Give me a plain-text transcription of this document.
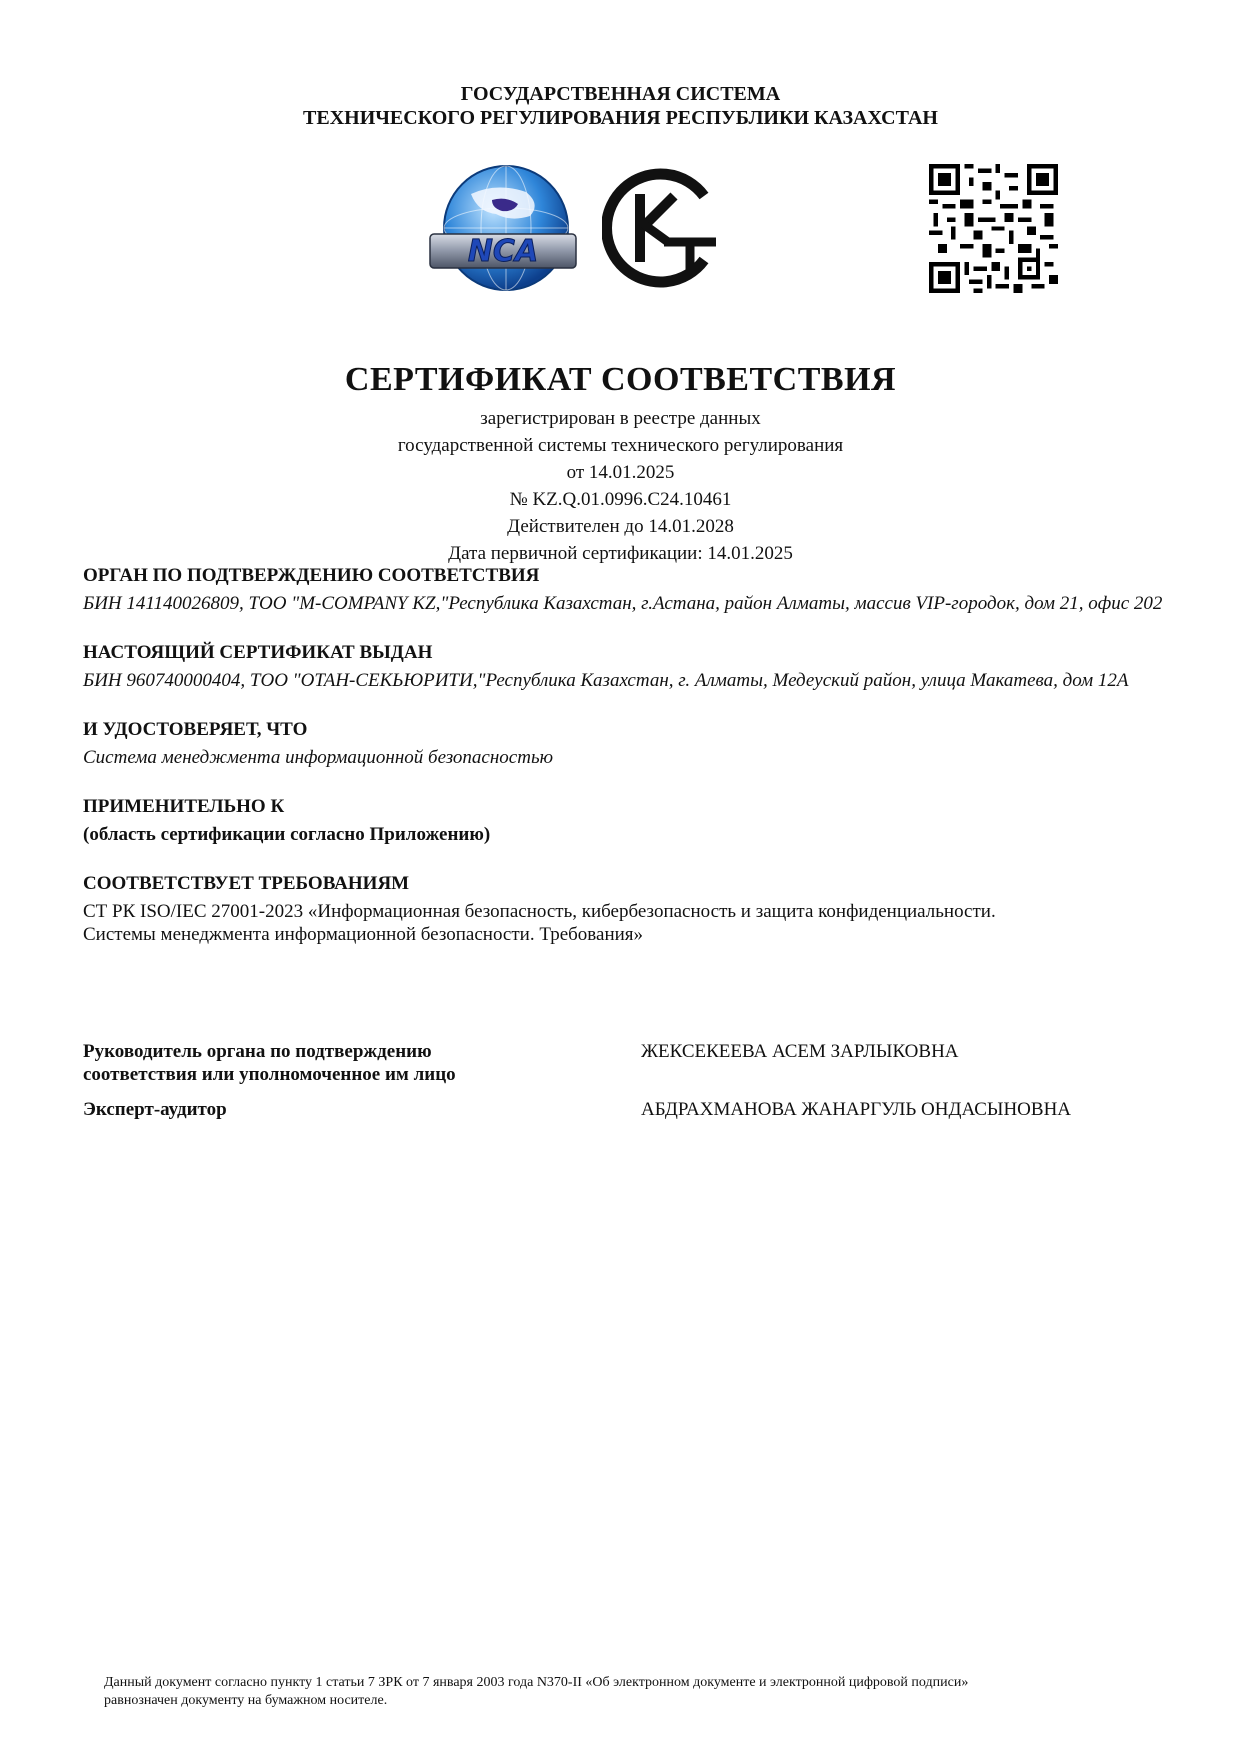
ГОСУДАРСТВЕННАЯ СИСТЕМА
ТЕХНИЧЕСКОГО РЕГУЛИРОВАНИЯ РЕСПУБЛИКИ КАЗАХСТАН
NCA
СЕРТИФИКАТ СООТВЕТСТВИЯ
зарегистрирован в реестре данных
государственной системы технического регулирования
от 14.01.2025
№ KZ.Q.01.0996.С24.10461
Действителен до 14.01.2028
Дата первичной сертификации: 14.01.2025
ОРГАН ПО ПОДТВЕРЖДЕНИЮ СООТВЕТСТВИЯ
БИН 141140026809, ТОО "M-COMPANY KZ,"Республика Казахстан, г.Астана, район Алматы, массив VIP-городок, дом 21, офис 202
НАСТОЯЩИЙ СЕРТИФИКАТ ВЫДАН
БИН 960740000404, ТОО "ОТАН-СЕКЬЮРИТИ,"Республика Казахстан, г. Алматы, Медеуский район, улица Макатева, дом 12А
И УДОСТОВЕРЯЕТ, ЧТО
Система менеджмента информационной безопасностью
ПРИМЕНИТЕЛЬНО К
(область сертификации согласно Приложению)
СООТВЕТСТВУЕТ ТРЕБОВАНИЯМ
СТ РК ISO/IEC 27001-2023 «Информационная безопасность, кибербезопасность и защита конфиденциальности.
Системы менеджмента информационной безопасности. Требования»
Руководитель органа по подтверждению
соответствия или уполномоченное им лицо
ЖЕКСЕКЕЕВА АСЕМ ЗАРЛЫКОВНА
Эксперт-аудитор	АБДРАХМАНОВА ЖАНАРГУЛЬ ОНДАСЫНОВНА
Данный документ согласно пункту 1 статьи 7 ЗРК от 7 января 2003 года N370-II «Об электронном документе и электронной цифровой подписи»
равнозначен документу на бумажном носителе.
